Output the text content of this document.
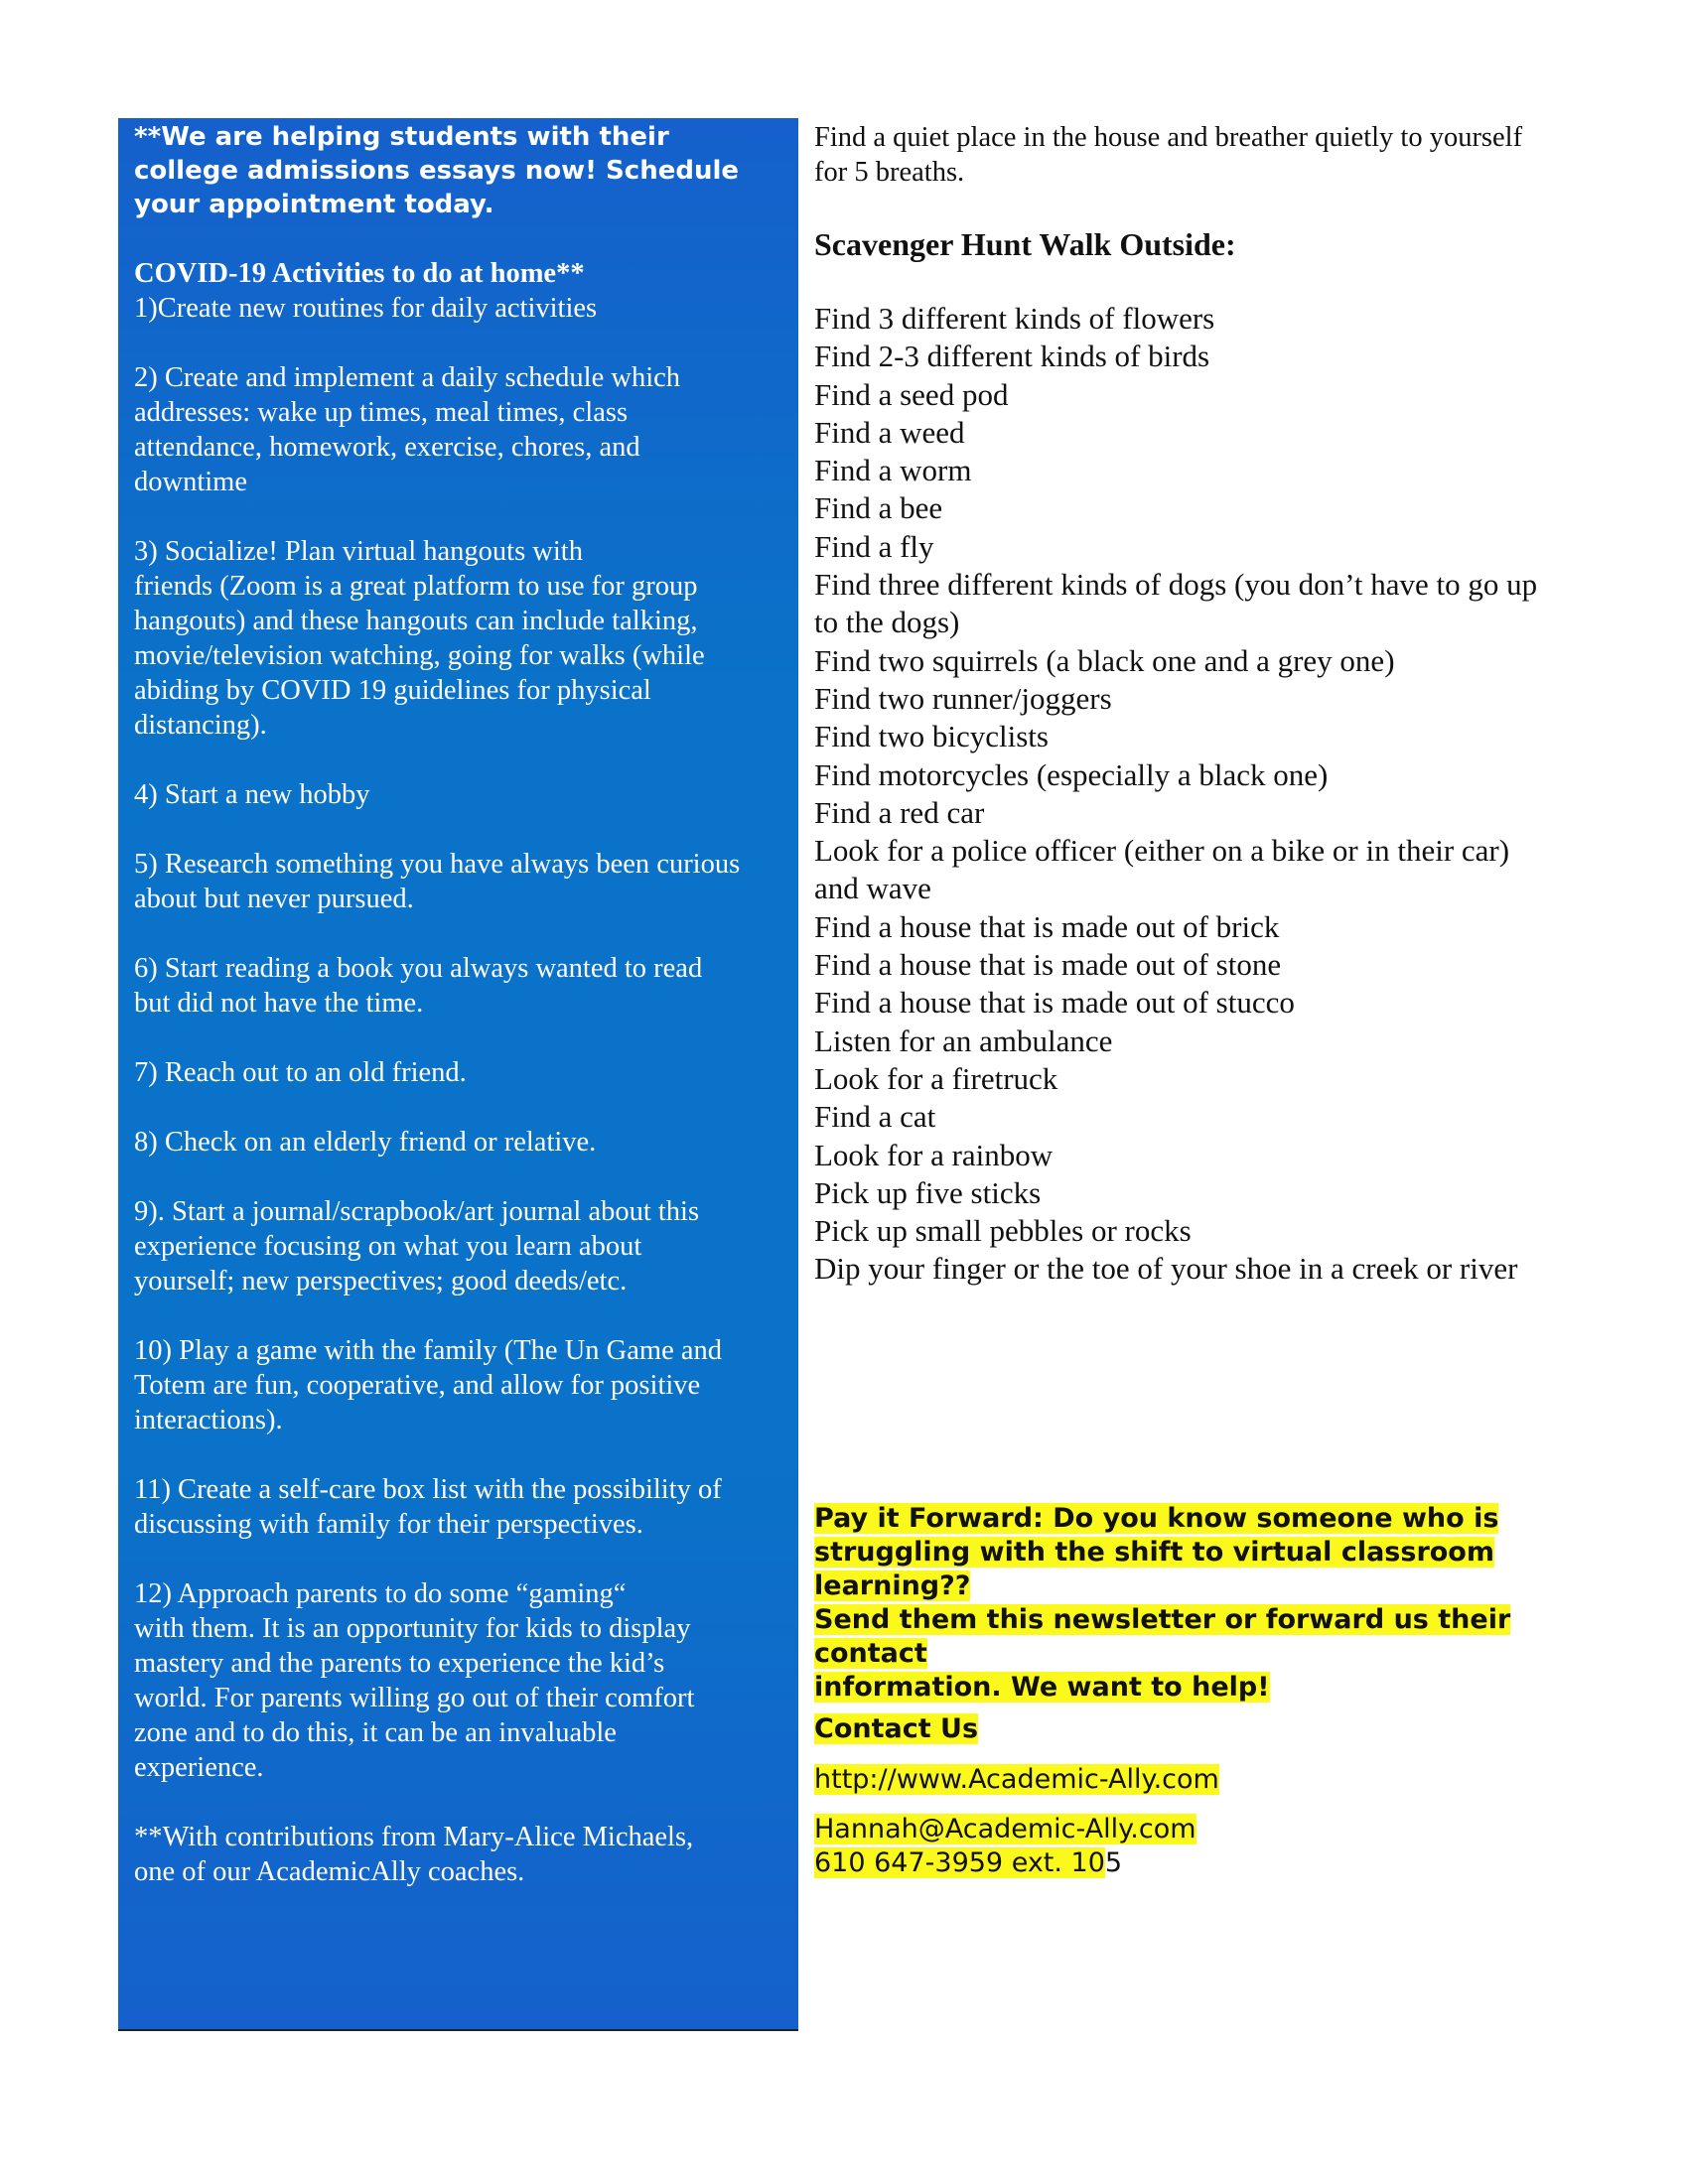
**We are helping students with their
college admissions essays now! Schedule
your appointment today.
COVID-19 Activities to do at home**

1)Create new routines for daily activities

2) Create and implement a daily schedule which
addresses: wake up times, meal times, class
attendance, homework, exercise, chores, and
downtime

3) Socialize! Plan virtual hangouts with
friends (Zoom is a great platform to use for group
hangouts) and these hangouts can include talking,
movie/television watching, going for walks (while
abiding by COVID 19 guidelines for physical
distancing).

4) Start a new hobby

5) Research something you have always been curious
about but never pursued.

6) Start reading a book you always wanted to read
but did not have the time.

7) Reach out to an old friend.

8) Check on an elderly friend or relative.

9). Start a journal/scrapbook/art journal about this
experience focusing on what you learn about
yourself; new perspectives; good deeds/etc.

10) Play a game with the family (The Un Game and
Totem are fun, cooperative, and allow for positive
interactions).

11) Create a self-care box list with the possibility of
discussing with family for their perspectives.

12) Approach parents to do some “gaming“
with them. It is an opportunity for kids to display
mastery and the parents to experience the kid’s
world. For parents willing go out of their comfort
zone and to do this, it can be an invaluable
experience.

**With contributions from Mary-Alice Michaels,
one of our AcademicAlly coaches.

Find a quiet place in the house and breather quietly to yourself
for 5 breaths.

Scavenger Hunt Walk Outside:
Find 3 different kinds of flowers
Find 2-3 different kinds of birds
Find a seed pod
Find a weed
Find a worm
Find a bee
Find a fly
Find three different kinds of dogs (you don’t have to go up
to the dogs)
Find two squirrels (a black one and a grey one)
Find two runner/joggers
Find two bicyclists
Find motorcycles (especially a black one)
Find a red car
Look for a police officer (either on a bike or in their car)
and wave
Find a house that is made out of brick
Find a house that is made out of stone
Find a house that is made out of stucco
Listen for an ambulance
Look for a firetruck
Find a cat
Look for a rainbow
Pick up five sticks
Pick up small pebbles or rocks
Dip your finger or the toe of your shoe in a creek or river
Pay it Forward: Do you know someone who is
struggling with the shift to virtual classroom learning??
Send them this newsletter or forward us their contact
information. We want to help!
Contact Us
http://www.Academic-Ally.com
Hannah@Academic-Ally.com
610 647-3959 ext. 105
